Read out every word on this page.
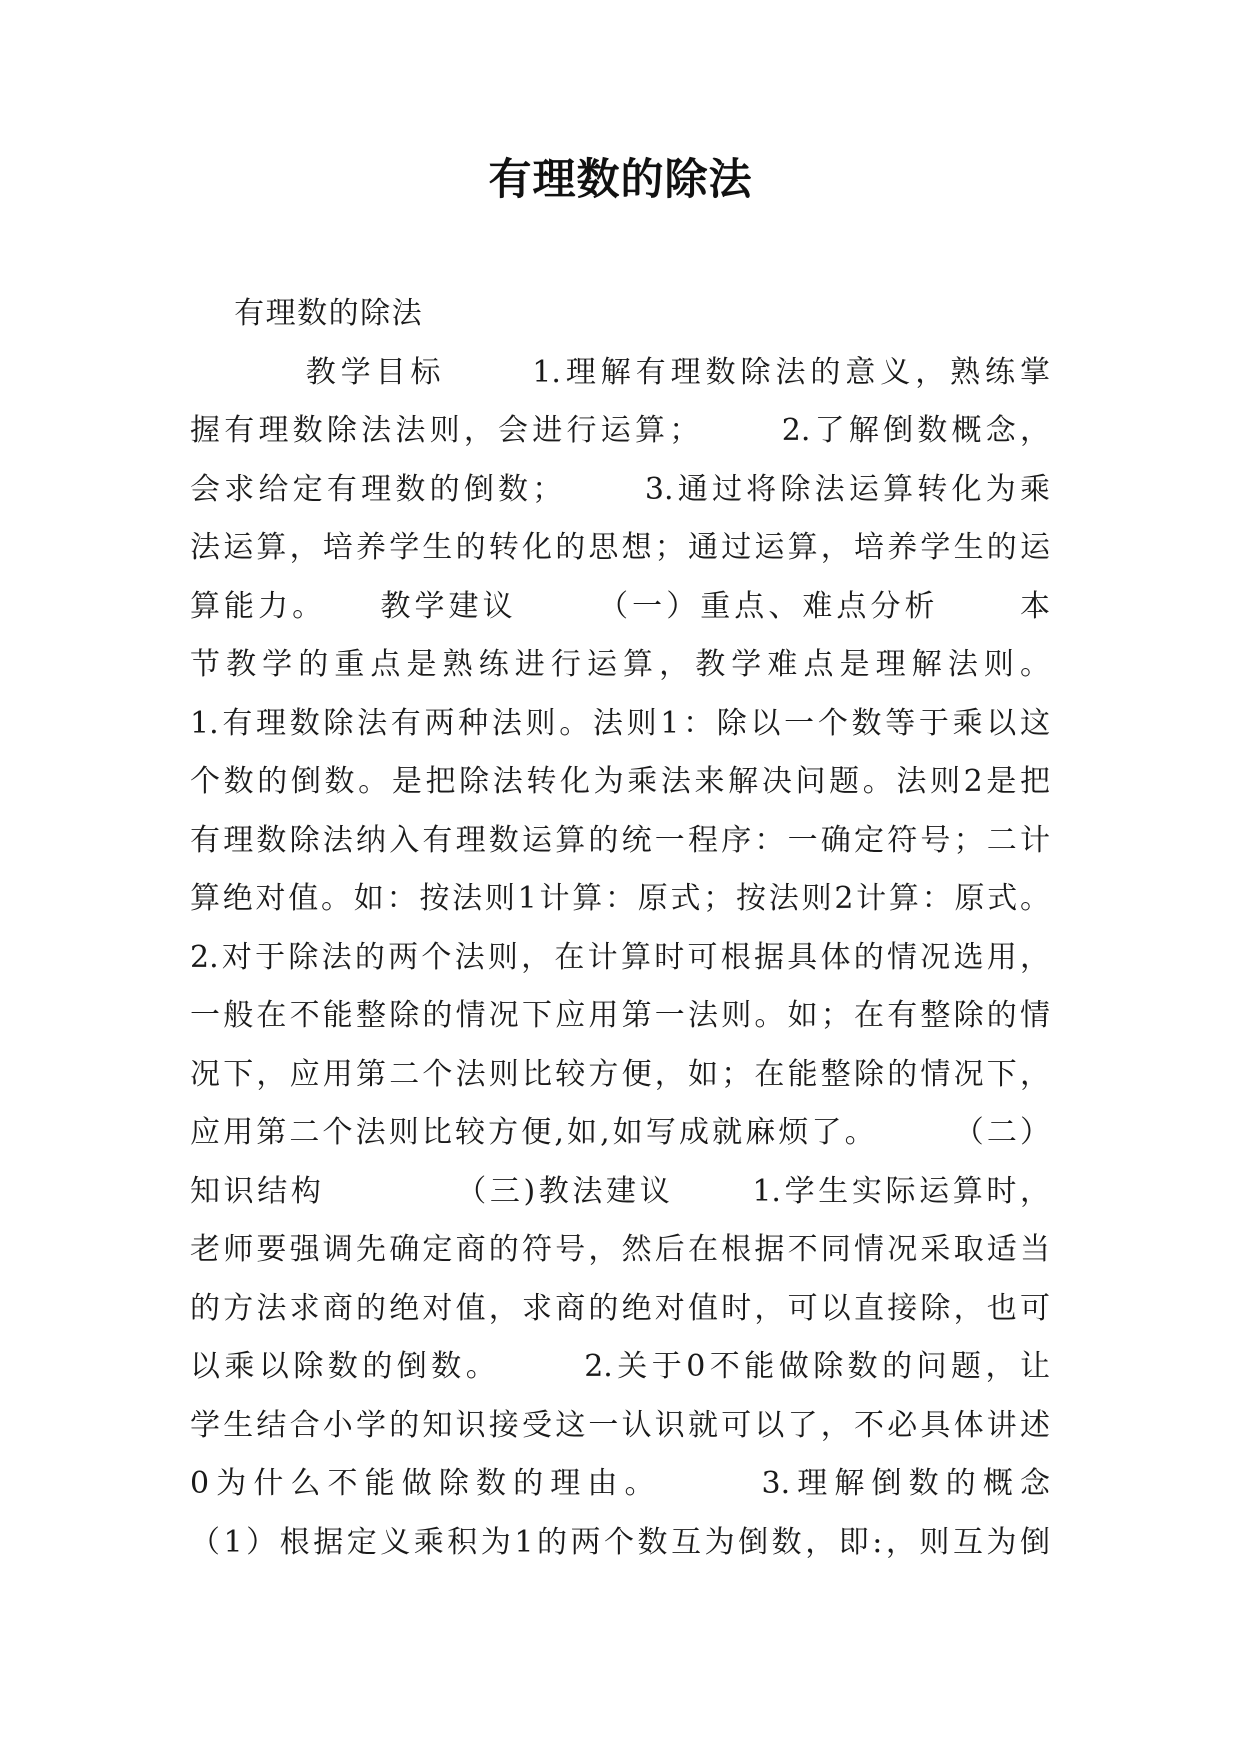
有理数的除法
有理数的除法
教学目标      1.理解有理数除法的意义，熟练掌
握有理数除法法则，会进行运算；      2.了解倒数概念，
会求给定有理数的倒数；      3.通过将除法运算转化为乘
法运算，培养学生的转化的思想；通过运算，培养学生的运
算能力。    教学建议      （一）重点、难点分析      本
节教学的重点是熟练进行运算，教学难点是理解法则。
1.有理数除法有两种法则。法则1：除以一个数等于乘以这
个数的倒数。是把除法转化为乘法来解决问题。法则2是把
有理数除法纳入有理数运算的统一程序：一确定符号；二计
算绝对值。如：按法则1计算：原式；按法则2计算：原式。
2.对于除法的两个法则，在计算时可根据具体的情况选用，
一般在不能整除的情况下应用第一法则。如；在有整除的情
况下，应用第二个法则比较方便，如；在能整除的情况下，
应用第二个法则比较方便,如,如写成就麻烦了。      （二）
知识结构          （三)教法建议      1.学生实际运算时，
老师要强调先确定商的符号，然后在根据不同情况采取适当
的方法求商的绝对值，求商的绝对值时，可以直接除，也可
以乘以除数的倒数。      2.关于0不能做除数的问题，让
学生结合小学的知识接受这一认识就可以了，不必具体讲述
0为什么不能做除数的理由。      3.理解倒数的概念
（1）根据定义乘积为1的两个数互为倒数，即:，则互为倒
